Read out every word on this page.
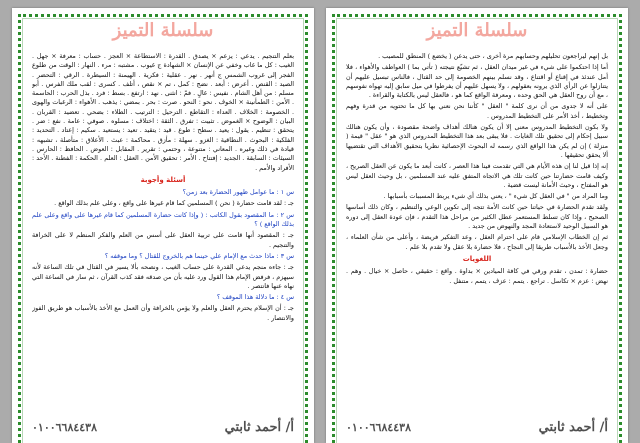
سلسلة التميز

بعلم التنجيم . يدعي : يزعم × يصدق . القدرة : الاستطاعة × العجز . حساب : معرفة × جهل . الغيب : كل ما غاب وخفي عن الإنسان × الشهادة ج غيوب . مشتبه : مرء . النهار : الوقت من طلوع الفجر إلى غروب الشمس ج أنهر . نهر . عقلية : فكرية . الهيمنة : السيطرة . الرقي : التحضر . الصيد : القنص . أعرض : أبعد . نضج : كمل ، تم × نقص ، أتلف . كسرى : لقب ملك الفرس . أبو مسلم : من أهل الشام . نفيس : غالٍ . فمّ : انثنى . نهد : ارتفع . بسط : فرد . بذل الحرب : الحاسمة . الأمن : الطمأنينة × الخوف . نحو : النحو . صرت : بحر . بمضي : يذهب . الأهواء : الرغبات والهوى . الخصومة : الخلاف . العداء : التقاطع . الترحيل : الترتيب . الطلاء : بضحي . تعضيد : القربان . البيان : الوضوح × الغموض . تثبيت : تفرق . الثقة : اختلاف : مسلوه . صوفي : عامة . نفع : ضر . يتحقق : تنظيم . يقول : يعيد . سطح : طوع . قيد : يتقيد . تعيد : يستعيد . سكيم : إعتاد . التحديد : الفلكية : البحوث . النطاقية : الغزو . سهلة : مأزق . محاكمة : عبث . الأعلاق : متأصلة ، تشبهه : قيادة في ذلك وغيره . المعاني : متنوعة ، وحتمي : تقرير . المقابل : العوض . الحافظ : الحارس . السيئات : السابقة . الجديد : إفتتاح . الأمر : تحقيق الأمن . العقل : العلم . الحكمة : الفطنة . الأحد : الأفراد والأمم .

أسئلة وأجوبة

س ١ : ما عوامل ظهور الحضارة بعد زمن؟

جـ : لقد قامت حضارة ( نحن ) المسلمين كما قام غيرها على واقع ، وعلى علم بذلك الواقع .

س ٢ : ما المقصود بقول الكاتب : ( وإذا كانت حضارة المسلمين كما قام غيرها على واقع وعلى علم بذلك الواقع ) ؟

جـ : المقصود أنها قامت على تربية العقل على أسس من العلم والفكر المنظم لا على الخرافة والتنجيم .

س ٣ : ماذا حدث مع الإمام علي حينما هم بالخروج للقتال ؟ وما موقفه ؟

جـ : جاءه منجم يدعي القدرة على حساب الغيب ، ونصحه بألا يسير في القتال في تلك الساعة لأنه سيهزم ، فرفض الإمام هذا القول ورد عليه بأن من صدقه فقد كذب القرآن ، ثم سار في الساعة التي نهاه عنها فانتصر .

س ٤ : ما دلالة هذا الموقف ؟

جـ : أن الإسلام يحترم العقل والعلم ولا يؤمن بالخرافة وأن العمل مع الأخذ بالأسباب هو طريق الفوز والانتصار .

٠١٠٠٦٦٨٤٤٣٨	أ/ أحمد ثابتي
سلسلة التميز

بل إنهم ليراجعون تحليلهم وحسابهم مرة أخرى ، حتى يدعن ( يخضع ) المنطق للمصيب .

أما إذا احتكموا على شيء في غير ميدان العقل ، ثم تشيّع نتيجته ( تأتي بما ) العواطف والأهواء ، فلا أمل عندئذ في إقناع أو اقتناع ، وقد نسلم بينهم الخصومة إلى حد القتال ، فالناس تبسيل عليهم أن يتنازلوا عن الرأي الذي يرونه بعقولهم ، ولا يسهل عليهم أن يفرطوا في ميل سابق إليه تهواه نفوسهم ، مع أن روح العقل هي الحق وحده ، ومعرفة الواقع كما هو ، فالعقل ليس بالكتابة والقراءة .

على أنه لا جدوى من أن نرى كلمة " العقل " كأننا نحن نعني بها كل ما تحتويه من قدرة وفهم وتخطيط ، أخذ الأمر على التخطيط المدروس .

ولا بكون التخطيط المدروس معنى إلا أن يكون هنالك أهداف واضحة مقصودة ، وأن يكون هنالك سبيل إحكام إلى تحقيق تلك الغايات . فلا يبقى بعد هذا التخطيط المدروس الذي هو " عقل " قيمة ( منزلة ) إن لم يكن هذا الواقع الذي رسمه له البحوث الإحصائية نظريا بتحقيق الأهداف التي تقتضيها ألا يحقق تحقيقها .

إنه إذا قيل لنا إن هذه الأيام هي التي تقدمت فينا هذا العصر ، كانت أبعد ما يكون عن العقل الصريح ، وكيف قامت حضارتنا حين كانت تلك هي الاتجاه المتفق عليه عند المسلمين ، بل وحيث العقل ليس هو المفتاح ، وحيث الأمانة ليست قضية .

وما المراد من " في العقل كل شيء " ، يعني بذلك أي شيء يربط المسببات بأسبابها .

ولقد تقدم الحضارة في حياتنا حين كانت الأمة تتجه إلى تكوين الوعي والتنظيم ، وكان ذلك أساسها الصحيح ، وإذا كان تسلط المستعمر عطل الكثير من مراحل هذا التقدم ، فإن عودة العقل إلى دوره هو السبيل الوحيد لاستعادة المجد والنهوض من جديد .

ثم إن الخطاب الإسلامي قام على احترام العقل ، وعد التفكير فريضة ، وأعلى من شأن العلماء ، وجعل الأخذ بالأسباب طريقا إلى النجاح ، فلا حضارة بلا عقل ولا تقدم بلا علم .

اللغويات

حضارة : تمدن ، تقدم ورقي في كافة الميادين × بداوة . واقع : حقيقي ، حاصل × خيال . وهم . نهض : عزم × تكاسل . تراجع . يتمم : عزف ، يتمم ، متنفل .

٠١٠٠٦٦٨٤٤٣٨	أ/ أحمد ثابتي
